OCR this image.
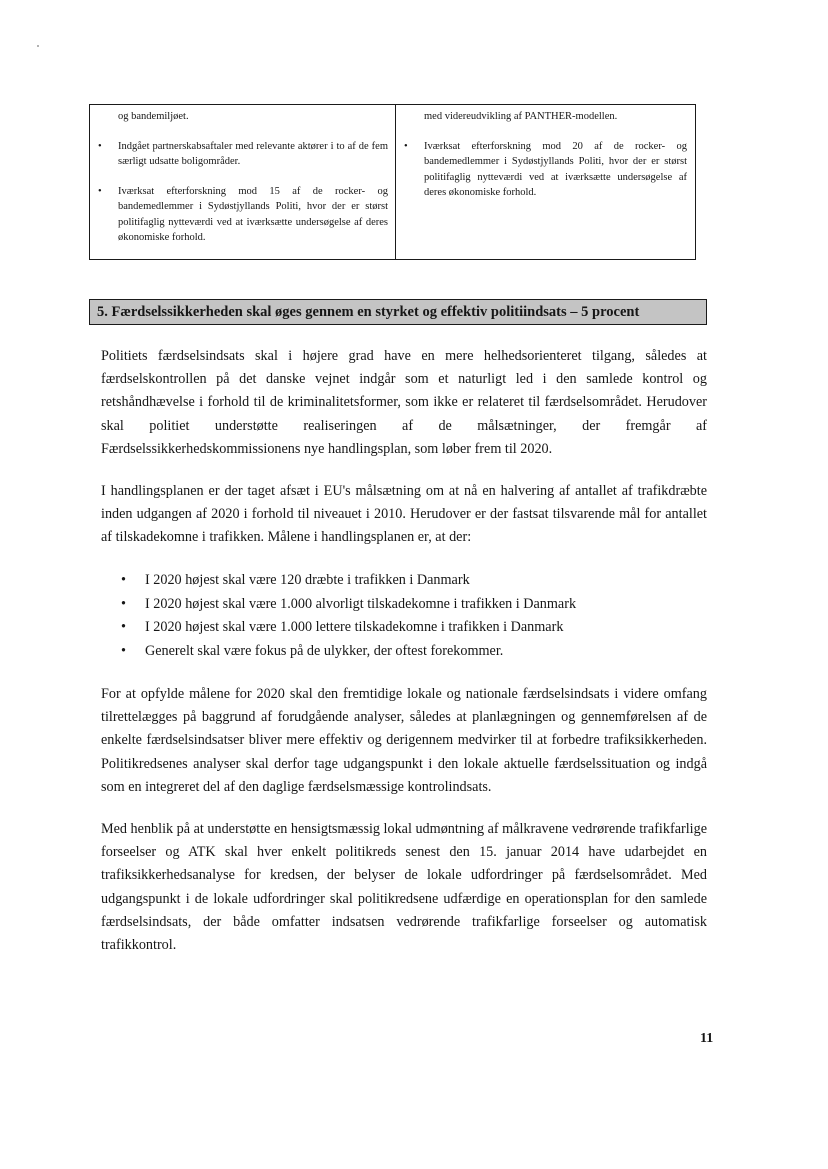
og bandemiljøet.

• Indgået partnerskabsaftaler med relevante aktører i to af de fem særligt udsatte boligområder.
• Iværksat efterforskning mod 15 af de rocker- og bandemedlemmer i Sydøstjyllands Politi, hvor der er størst politifaglig nytteværdi ved at iværksætte undersøgelse af deres økonomiske forhold.

med videreudvikling af PANTHER-modellen.

• Iværksat efterforskning mod 20 af de rocker- og bandemedlemmer i Sydøstjyllands Politi, hvor der er størst politifaglig nytteværdi ved at iværksætte undersøgelse af deres økonomiske forhold.
5. Færdselssikkerheden skal øges gennem en styrket og effektiv politiindsats – 5 procent

Politiets færdselsindsats skal i højere grad have en mere helhedsorienteret tilgang, således at færdselskontrollen på det danske vejnet indgår som et naturligt led i den samlede kontrol og retshåndhævelse i forhold til de kriminalitetsformer, som ikke er relateret til færdselsområdet. Herudover skal politiet understøtte realiseringen af de målsætninger, der fremgår af Færdselssikkerhedskommissionens nye handlingsplan, som løber frem til 2020.

I handlingsplanen er der taget afsæt i EU's målsætning om at nå en halvering af antallet af trafikdræbte inden udgangen af 2020 i forhold til niveauet i 2010. Herudover er der fastsat tilsvarende mål for antallet af tilskadekomne i trafikken. Målene i handlingsplanen er, at der:

• I 2020 højest skal være 120 dræbte i trafikken i Danmark
• I 2020 højest skal være 1.000 alvorligt tilskadekomne i trafikken i Danmark
• I 2020 højest skal være 1.000 lettere tilskadekomne i trafikken i Danmark
• Generelt skal være fokus på de ulykker, der oftest forekommer.

For at opfylde målene for 2020 skal den fremtidige lokale og nationale færdselsindsats i videre omfang tilrettelægges på baggrund af forudgående analyser, således at planlægningen og gennemførelsen af de enkelte færdselsindsatser bliver mere effektiv og derigennem medvirker til at forbedre trafiksikkerheden. Politikredsenes analyser skal derfor tage udgangspunkt i den lokale aktuelle færdselssituation og indgå som en integreret del af den daglige færdselsmæssige kontrolindsats.

Med henblik på at understøtte en hensigtsmæssig lokal udmøntning af målkravene vedrørende trafikfarlige forseelser og ATK skal hver enkelt politikreds senest den 15. januar 2014 have udarbejdet en trafiksikkerhedsanalyse for kredsen, der belyser de lokale udfordringer på færdselsområdet. Med udgangspunkt i de lokale udfordringer skal politikredsene udfærdige en operationsplan for den samlede færdselsindsats, der både omfatter indsatsen vedrørende trafikfarlige forseelser og automatisk trafikkontrol.

11
